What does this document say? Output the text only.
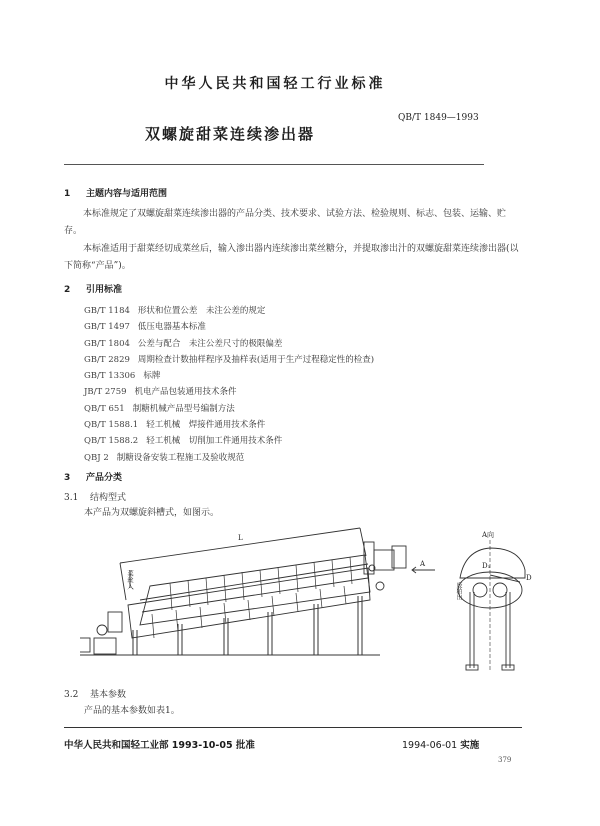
中华人民共和国轻工行业标准
双螺旋甜菜连续渗出器
QB/T 1849—1993
1 主题内容与适用范围
本标准规定了双螺旋甜菜连续渗出器的产品分类、技术要求、试验方法、检验规则、标志、包装、运输、贮存。
本标准适用于甜菜经切成菜丝后，输入渗出器内连续渗出菜丝糖分，并提取渗出汁的双螺旋甜菜连续渗出器(以下简称“产品”)。
2 引用标准
GB/T 1184 形状和位置公差　未注公差的规定
GB/T 1497 低压电器基本标准
GB/T 1804 公差与配合　未注公差尺寸的极限偏差
GB/T 2829 周期检查计数抽样程序及抽样表(适用于生产过程稳定性的检查)
GB/T 13306 标牌
JB/T 2759 机电产品包装通用技术条件
QB/T 651 制糖机械产品型号编制方法
QB/T 1588.1 轻工机械　焊接件通用技术条件
QB/T 1588.2 轻工机械　切削加工件通用技术条件
QBJ 2 制糖设备安装工程施工及验收规范
3 产品分类
3.1 结构型式
本产品为双螺旋斜槽式，如图示。
L
菜丝入
A
A向
D
D₁
废粕出
3.2 基本参数
产品的基本参数如表1。
中华人民共和国轻工业部 1993-10-05 批准	1994-06-01 实施
379
